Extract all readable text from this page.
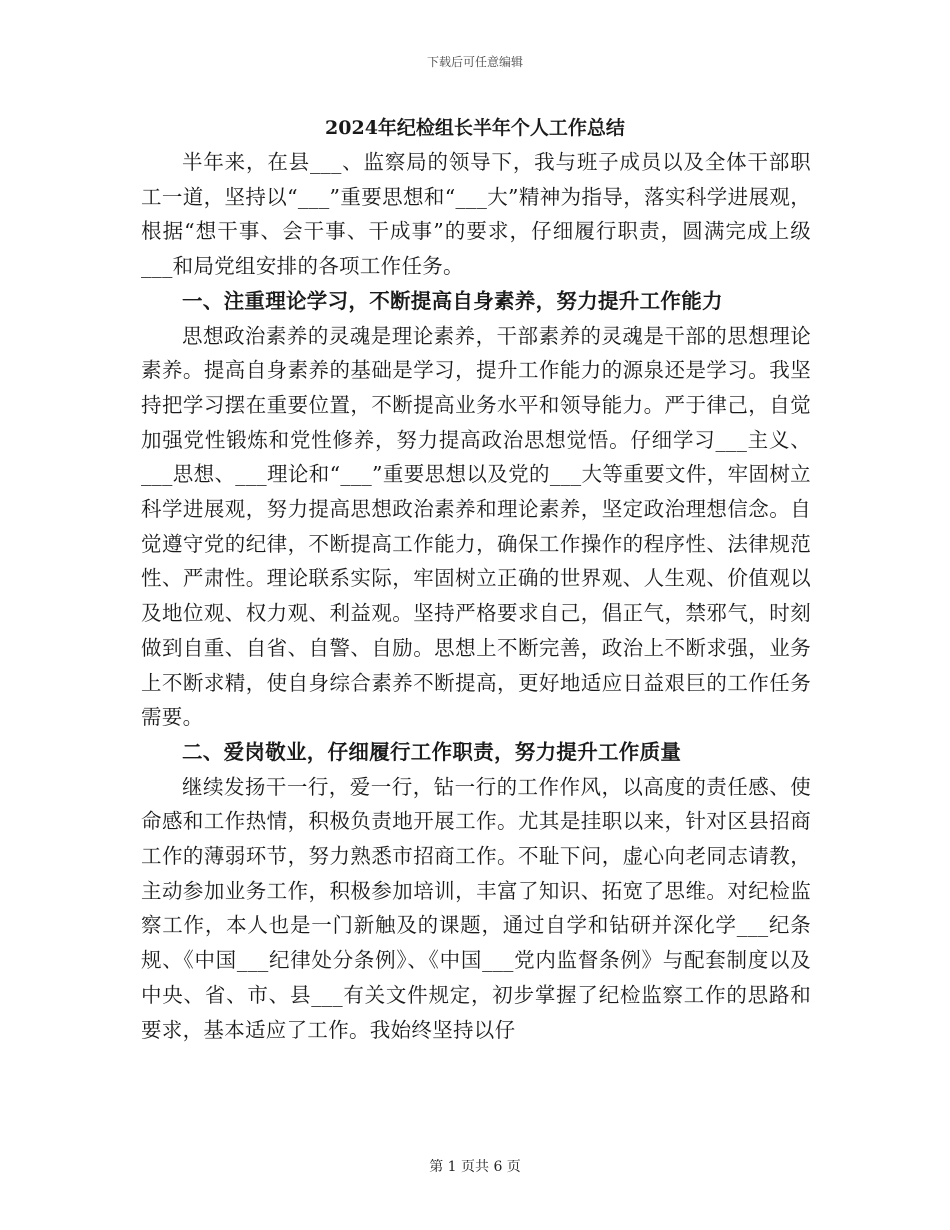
下载后可任意编辑
2024年纪检组长半年个人工作总结

半年来，在县___、监察局的领导下，我与班子成员以及全体干部职工一道，坚持以“___”重要思想和“___大”精神为指导，落实科学进展观，根据“想干事、会干事、干成事”的要求，仔细履行职责，圆满完成上级___和局党组安排的各项工作任务。

一、注重理论学习，不断提高自身素养，努力提升工作能力

思想政治素养的灵魂是理论素养，干部素养的灵魂是干部的思想理论素养。提高自身素养的基础是学习，提升工作能力的源泉还是学习。我坚持把学习摆在重要位置，不断提高业务水平和领导能力。严于律己，自觉加强党性锻炼和党性修养，努力提高政治思想觉悟。仔细学习___主义、___思想、___理论和“___”重要思想以及党的___大等重要文件，牢固树立科学进展观，努力提高思想政治素养和理论素养，坚定政治理想信念。自觉遵守党的纪律，不断提高工作能力，确保工作操作的程序性、法律规范性、严肃性。理论联系实际，牢固树立正确的世界观、人生观、价值观以及地位观、权力观、利益观。坚持严格要求自己，倡正气，禁邪气，时刻做到自重、自省、自警、自励。思想上不断完善，政治上不断求强，业务上不断求精，使自身综合素养不断提高，更好地适应日益艰巨的工作任务需要。

二、爱岗敬业，仔细履行工作职责，努力提升工作质量

继续发扬干一行，爱一行，钻一行的工作作风，以高度的责任感、使命感和工作热情，积极负责地开展工作。尤其是挂职以来，针对区县招商工作的薄弱环节，努力熟悉市招商工作。不耻下问，虚心向老同志请教，主动参加业务工作，积极参加培训，丰富了知识、拓宽了思维。对纪检监察工作，本人也是一门新触及的课题，通过自学和钻研并深化学___纪条规、《中国___纪律处分条例》、《中国___党内监督条例》与配套制度以及中央、省、市、县___有关文件规定，初步掌握了纪检监察工作的思路和要求，基本适应了工作。我始终坚持以仔

第 1 页共 6 页
